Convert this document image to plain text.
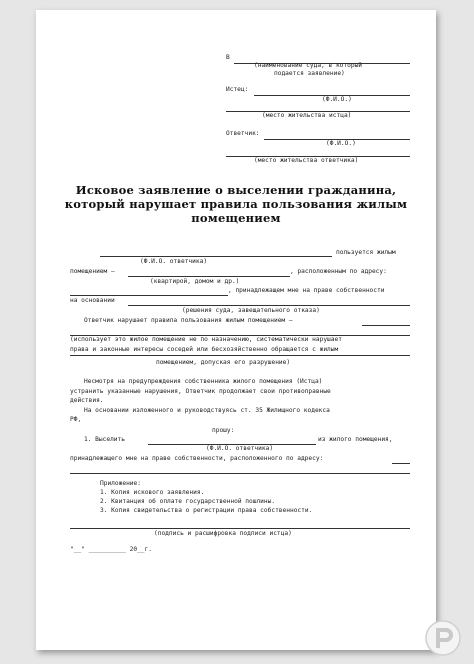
В
(наименование суда, в который
подается заявление)
Истец:
(Ф.И.О.)
(место жительства истца)
Ответчик:
(Ф.И.О.)
(место жительства ответчика)
Исковое заявление о выселении гражданина,
который нарушает правила пользования жилым
помещением
пользуется жилым
(Ф.И.О. ответчика)
помещением –	, расположенным по адресу:
(квартирой, домом и др.)
, принадлежащем мне на праве собственности
на основании
(решения суда, завещательного отказа)
Ответчик нарушает правила пользования жилым помещением –
(использует это жилое помещение не по назначению, систематически нарушает
права и законные интересы соседей или бесхозяйственно обращается с жилым
помещением, допуская его разрушение)
Несмотря на предупреждения собственника жилого помещения (Истца)
устранить указанные нарушения, Ответчик продолжает свои противоправные
действия.
На основании изложенного и руководствуясь ст. 35 Жилищного кодекса
РФ,
прошу:
1. Выселить	из жилого помещения,
(Ф.И.О. ответчика)
принадлежащего мне на праве собственности, расположенного по адресу:
Приложение:
1. Копия искового заявления.
2. Квитанция об оплате государственной пошлины.
3. Копия свидетельства о регистрации права собственности.
(подпись и расшифровка подписи истца)
"__" __________ 20__г.
